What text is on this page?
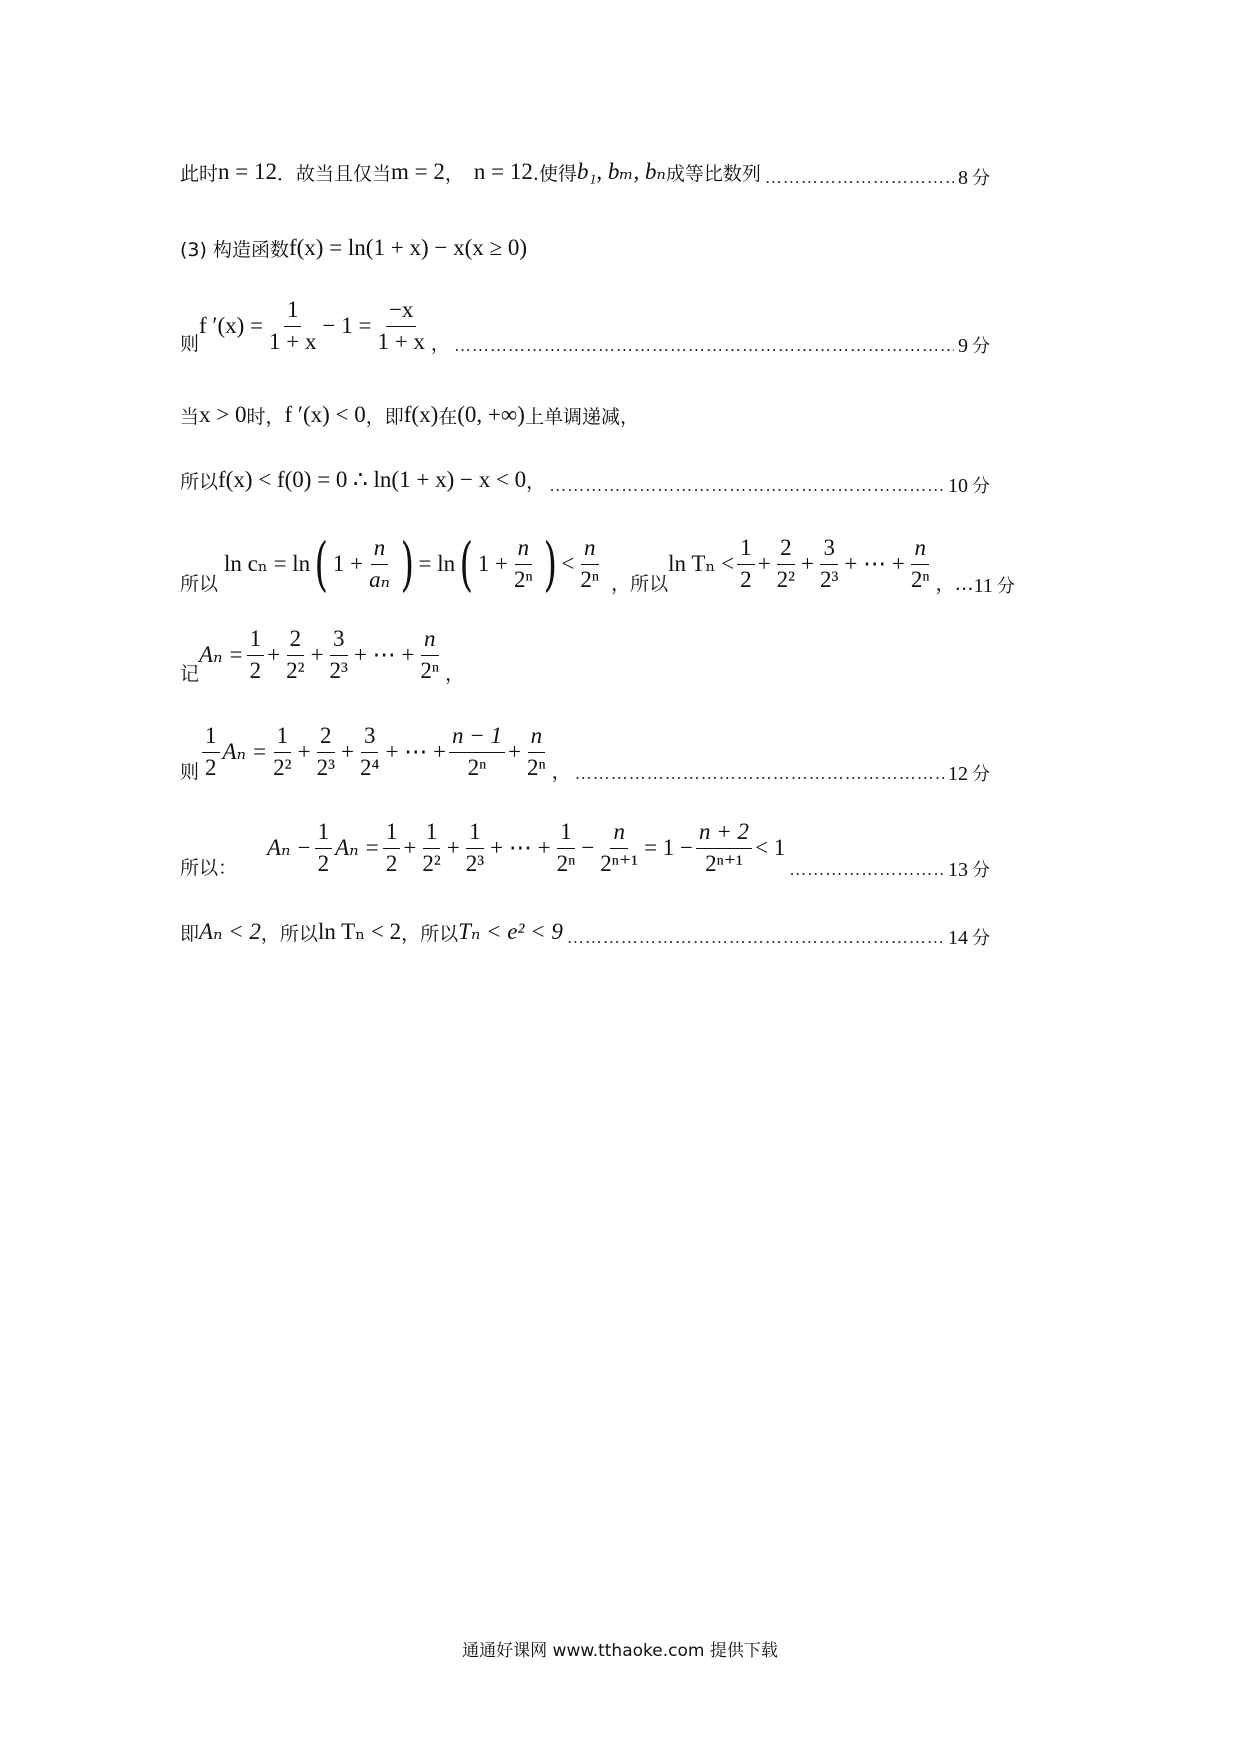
此时 n = 12 ．故当且仅当 m = 2 ， n = 12 .使得 b₁, bₘ, bₙ 成等比数列 ………………………………………………………………………………………………………………………………………………	8 分
(3) 构造函数 f(x) = ln(1 + x) − x(x ≥ 0)
则
f $'(x) = \frac{1}{1 + x} - 1 = \frac{-x}{1 + x}$ ， ………………………………………………………………………………………………………………………………………………	9 分
当 x > 0 时， f ′(x) < 0 ，即 f(x) 在 (0, +∞) 上单调递减，
所以 f(x) < f(0) = 0 ∴ ln(1 + x) − x < 0 ， ………………………………………………………………………………………………………………………………………………	10 分
所以
ln cₙ = ln ( $1 + \frac{n}{\text{aₙ}}$ ) = ln ( $1 + \frac{n}{\text{2ⁿ}}$ ) < $\frac{n}{\text{2ⁿ}}$ ，所以
$\ln T_n < \frac{1}{2} + \frac{2}{\text{2²}} + \frac{3}{\text{2³}}$ + ⋯ + $\frac{n}{\text{2ⁿ}}$ ，… 11 分
记
$A_n = \frac{1}{2} + \frac{2}{\text{2²}} + \frac{3}{\text{2³}}$ + ⋯ + $\frac{n}{\text{2ⁿ}}$ ，
则 $\frac{1}{2}$ $A_n = \frac{1}{\text{2²}} + \frac{2}{\text{2³}} + \frac{3}{\text{2⁴}}$ + ⋯ + $\frac{n - 1}{\text{2ⁿ}} + \frac{n}{\text{2ⁿ}}$ ， ………………………………………………………………………………………………………………………………………………	12 分
所以：
$A_n - \frac{1}{2}$ $A_n = \frac{1}{2} + \frac{1}{\text{2²}} + \frac{1}{\text{2³}}$ + ⋯ + $\frac{1}{\text{2ⁿ}} - \frac{n}{\text{2ⁿ⁺¹}} = 1 - \frac{n + 2}{\text{2ⁿ⁺¹}} < 1$
………………………………………………………………………………………………………………………………………………
13 分
即 Aₙ < 2 ，所以 ln Tₙ < 2 ，所以 Tₙ < e² < 9 ………………………………………………………………………………………………………………………………………………	14 分
通通好课网 www.tthaoke.com 提供下载
